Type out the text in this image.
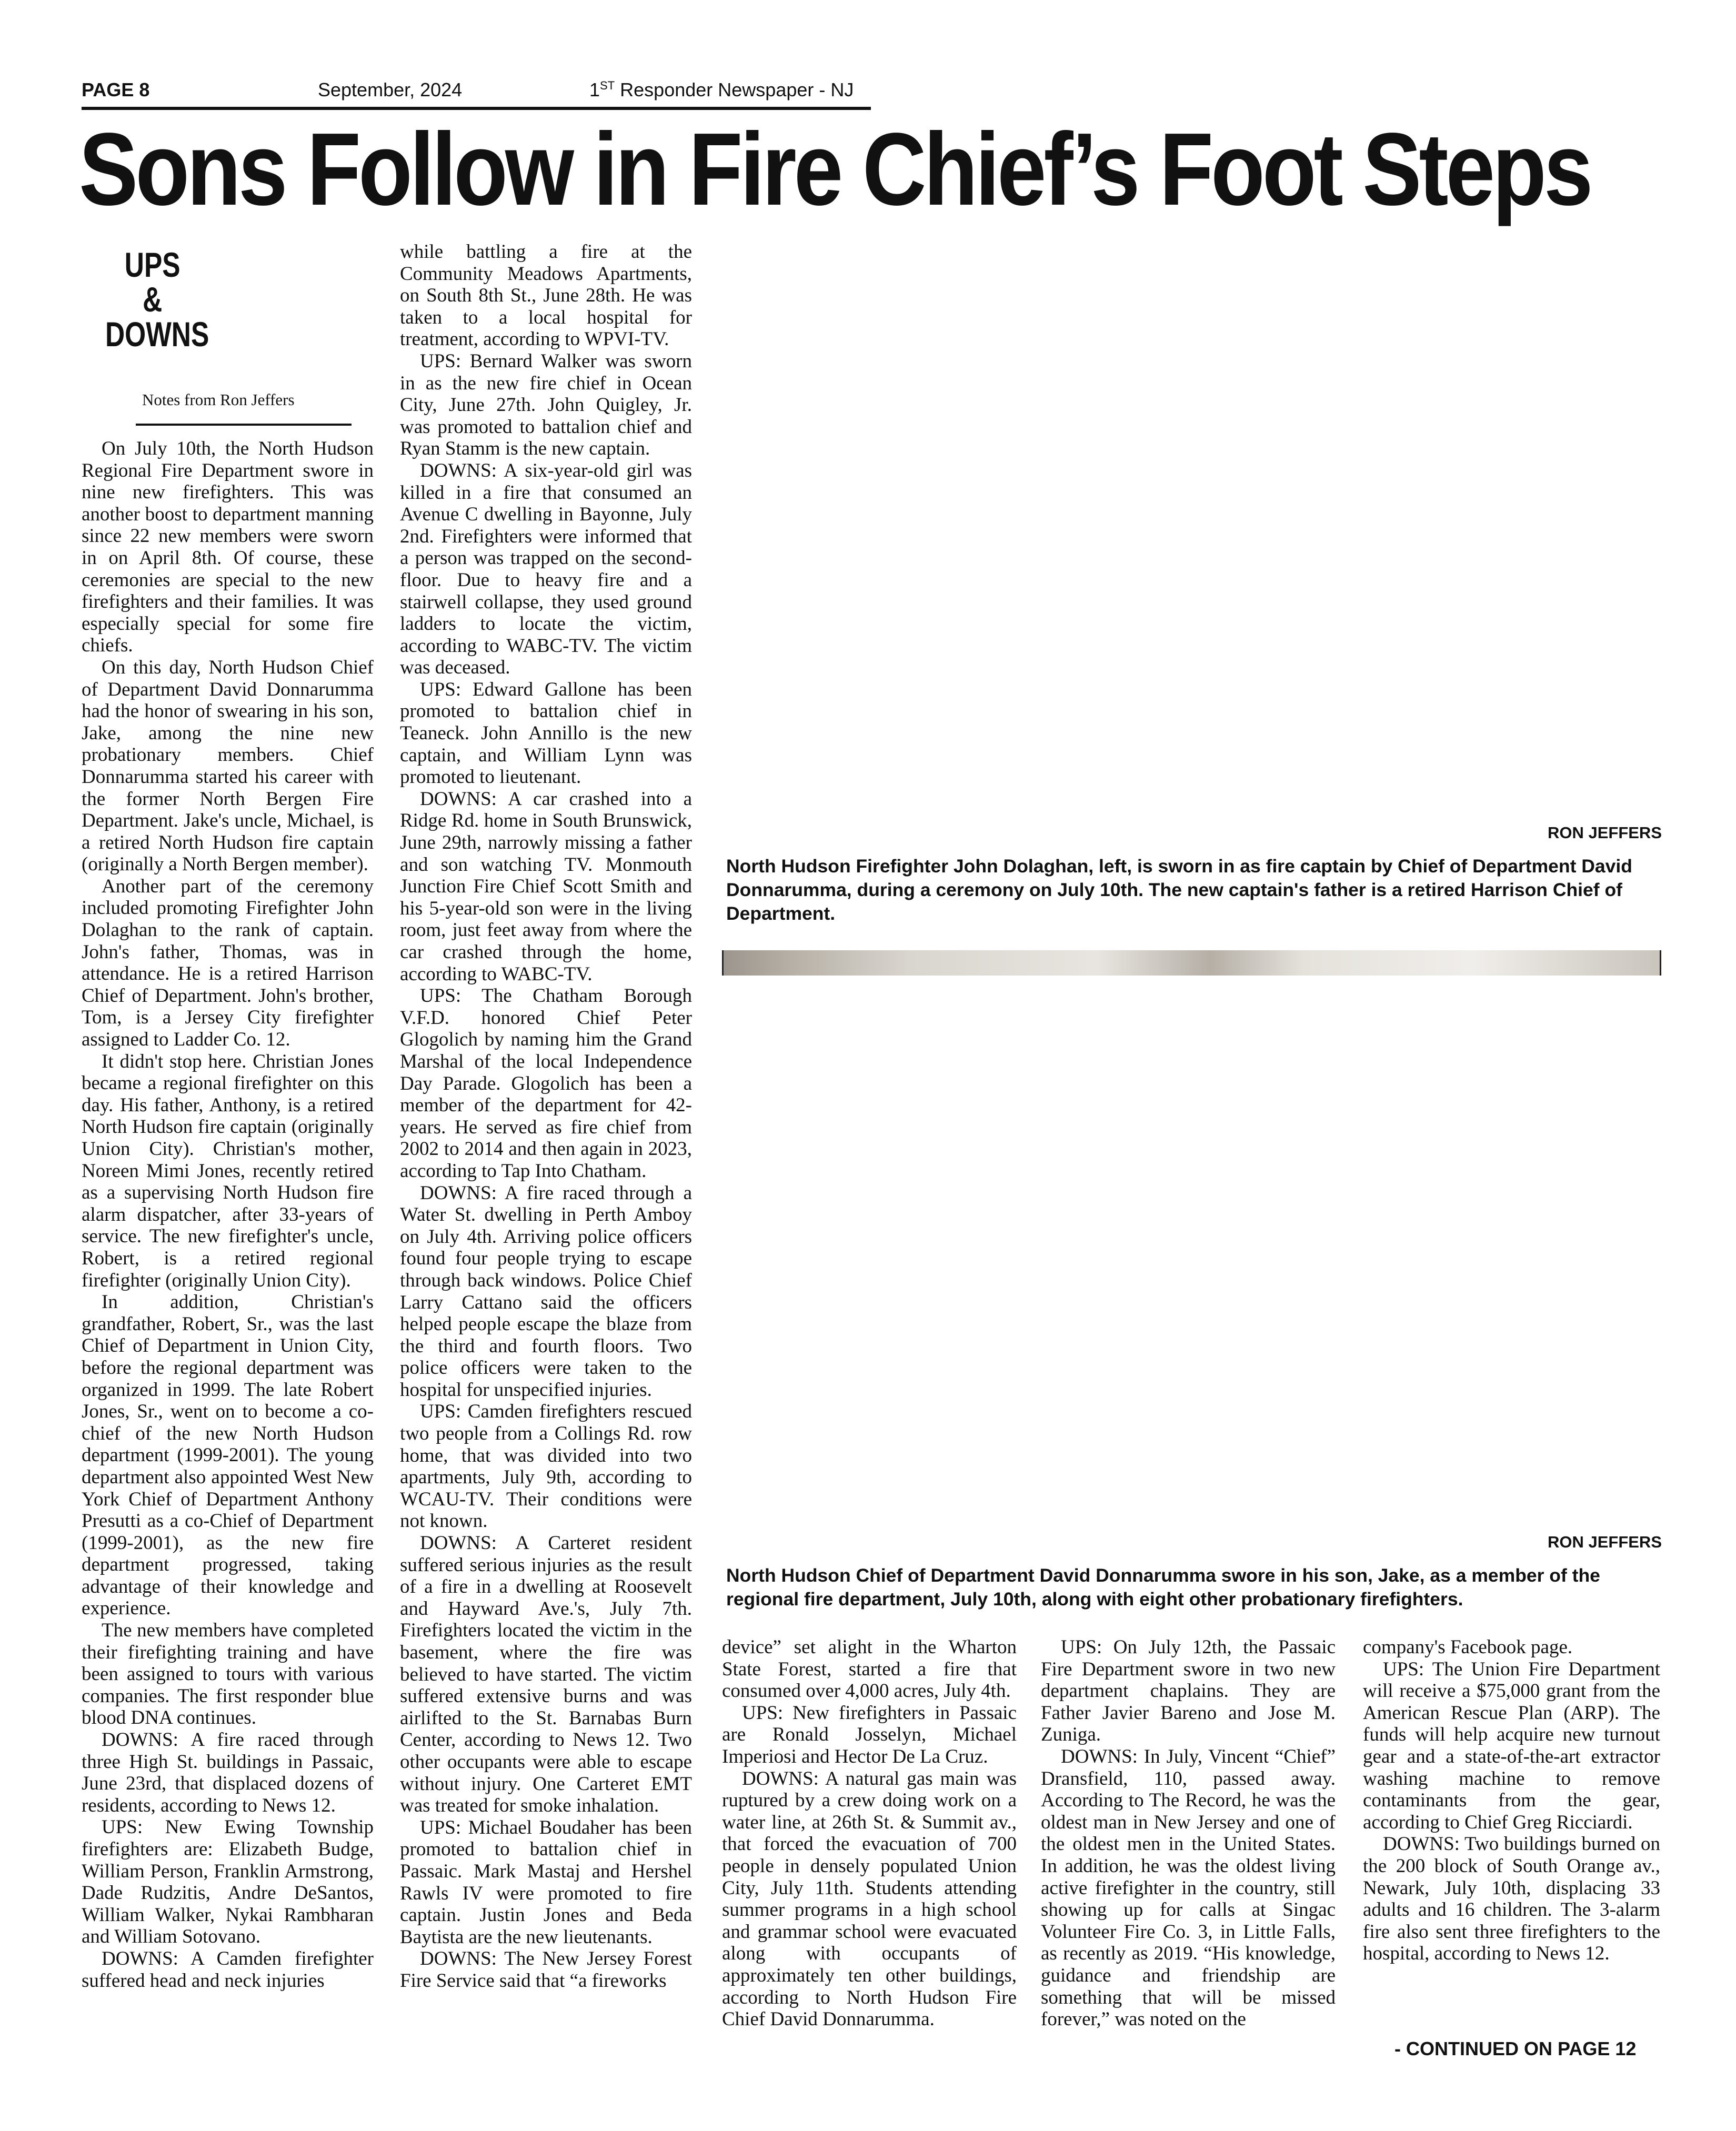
PAGE 8	September, 2024	1ST Responder Newspaper - NJ
Sons Follow in Fire Chief’s Foot Steps
UPS
&
DOWNS
Notes from Ron Jeffers

On July 10th, the North Hudson Regional Fire Department swore in nine new firefighters. This was another boost to department manning since 22 new members were sworn in on April 8th. Of course, these ceremonies are special to the new firefighters and their families. It was especially special for some fire chiefs.

On this day, North Hudson Chief of Department David Donnarumma had the honor of swearing in his son, Jake, among the nine new probationary members. Chief Donnarumma started his career with the former North Bergen Fire Department. Jake's uncle, Michael, is a retired North Hudson fire captain (originally a North Bergen member).

Another part of the ceremony included promoting Firefighter John Dolaghan to the rank of captain. John's father, Thomas, was in attendance. He is a retired Harrison Chief of Department. John's brother, Tom, is a Jersey City firefighter assigned to Ladder Co. 12.

It didn't stop here. Christian Jones became a regional firefighter on this day. His father, Anthony, is a retired North Hudson fire captain (originally Union City). Christian's mother, Noreen Mimi Jones, recently retired as a supervising North Hudson fire alarm dispatcher, after 33-years of service. The new firefighter's uncle, Robert, is a retired regional firefighter (originally Union City).

In addition, Christian's grandfather, Robert, Sr., was the last Chief of Department in Union City, before the regional department was organized in 1999. The late Robert Jones, Sr., went on to become a co-chief of the new North Hudson department (1999-2001). The young department also appointed West New York Chief of Department Anthony Presutti as a co-Chief of Department (1999-2001), as the new fire department progressed, taking advantage of their knowledge and experience.

The new members have completed their firefighting training and have been assigned to tours with various companies. The first responder blue blood DNA continues.

DOWNS: A fire raced through three High St. buildings in Passaic, June 23rd, that displaced dozens of residents, according to News 12.

UPS: New Ewing Township firefighters are: Elizabeth Budge, William Person, Franklin Armstrong, Dade Rudzitis, Andre DeSantos, William Walker, Nykai Rambharan and William Sotovano.

DOWNS: A Camden firefighter suffered head and neck injuries

while battling a fire at the Community Meadows Apartments, on South 8th St., June 28th. He was taken to a local hospital for treatment, according to WPVI-TV.

UPS: Bernard Walker was sworn in as the new fire chief in Ocean City, June 27th. John Quigley, Jr. was promoted to battalion chief and Ryan Stamm is the new captain.

DOWNS: A six-year-old girl was killed in a fire that consumed an Avenue C dwelling in Bayonne, July 2nd. Firefighters were informed that a person was trapped on the second-floor. Due to heavy fire and a stairwell collapse, they used ground ladders to locate the victim, according to WABC-TV. The victim was deceased.

UPS: Edward Gallone has been promoted to battalion chief in Teaneck. John Annillo is the new captain, and William Lynn was promoted to lieutenant.

DOWNS: A car crashed into a Ridge Rd. home in South Brunswick, June 29th, narrowly missing a father and son watching TV. Monmouth Junction Fire Chief Scott Smith and his 5-year-old son were in the living room, just feet away from where the car crashed through the home, according to WABC-TV.

UPS: The Chatham Borough V.F.D. honored Chief Peter Glogolich by naming him the Grand Marshal of the local Independence Day Parade. Glogolich has been a member of the department for 42-years. He served as fire chief from 2002 to 2014 and then again in 2023, according to Tap Into Chatham.

DOWNS: A fire raced through a Water St. dwelling in Perth Amboy on July 4th. Arriving police officers found four people trying to escape through back windows. Police Chief Larry Cattano said the officers helped people escape the blaze from the third and fourth floors. Two police officers were taken to the hospital for unspecified injuries.

UPS: Camden firefighters rescued two people from a Collings Rd. row home, that was divided into two apartments, July 9th, according to WCAU-TV. Their conditions were not known.

DOWNS: A Carteret resident suffered serious injuries as the result of a fire in a dwelling at Roosevelt and Hayward Ave.'s, July 7th. Firefighters located the victim in the basement, where the fire was believed to have started. The victim suffered extensive burns and was airlifted to the St. Barnabas Burn Center, according to News 12. Two other occupants were able to escape without injury. One Carteret EMT was treated for smoke inhalation.

UPS: Michael Boudaher has been promoted to battalion chief in Passaic. Mark Mastaj and Hershel Rawls IV were promoted to fire captain. Justin Jones and Beda Baytista are the new lieutenants.

DOWNS: The New Jersey Forest Fire Service said that “a fireworks

RON JEFFERS
North Hudson Firefighter John Dolaghan, left, is sworn in as fire captain by Chief of Department David Donnarumma, during a ceremony on July 10th. The new captain's father is a retired Harrison Chief of Department.
RON JEFFERS
North Hudson Chief of Department David Donnarumma swore in his son, Jake, as a member of the regional fire department, July 10th, along with eight other probationary firefighters.

device” set alight in the Wharton State Forest, started a fire that consumed over 4,000 acres, July 4th.

UPS: New firefighters in Passaic are Ronald Josselyn, Michael Imperiosi and Hector De La Cruz.

DOWNS: A natural gas main was ruptured by a crew doing work on a water line, at 26th St. & Summit av., that forced the evacuation of 700 people in densely populated Union City, July 11th. Students attending summer programs in a high school and grammar school were evacuated along with occupants of approximately ten other buildings, according to North Hudson Fire Chief David Donnarumma.

UPS: On July 12th, the Passaic Fire Department swore in two new department chaplains. They are Father Javier Bareno and Jose M. Zuniga.

DOWNS: In July, Vincent “Chief” Dransfield, 110, passed away. According to The Record, he was the oldest man in New Jersey and one of the oldest men in the United States. In addition, he was the oldest living active firefighter in the country, still showing up for calls at Singac Volunteer Fire Co. 3, in Little Falls, as recently as 2019. “His knowledge, guidance and friendship are something that will be missed forever,” was noted on the

company's Facebook page.

UPS: The Union Fire Department will receive a $75,000 grant from the American Rescue Plan (ARP). The funds will help acquire new turnout gear and a state-of-the-art extractor washing machine to remove contaminants from the gear, according to Chief Greg Ricciardi.

DOWNS: Two buildings burned on the 200 block of South Orange av., Newark, July 10th, displacing 33 adults and 16 children. The 3-alarm fire also sent three firefighters to the hospital, according to News 12.

- CONTINUED ON PAGE 12
